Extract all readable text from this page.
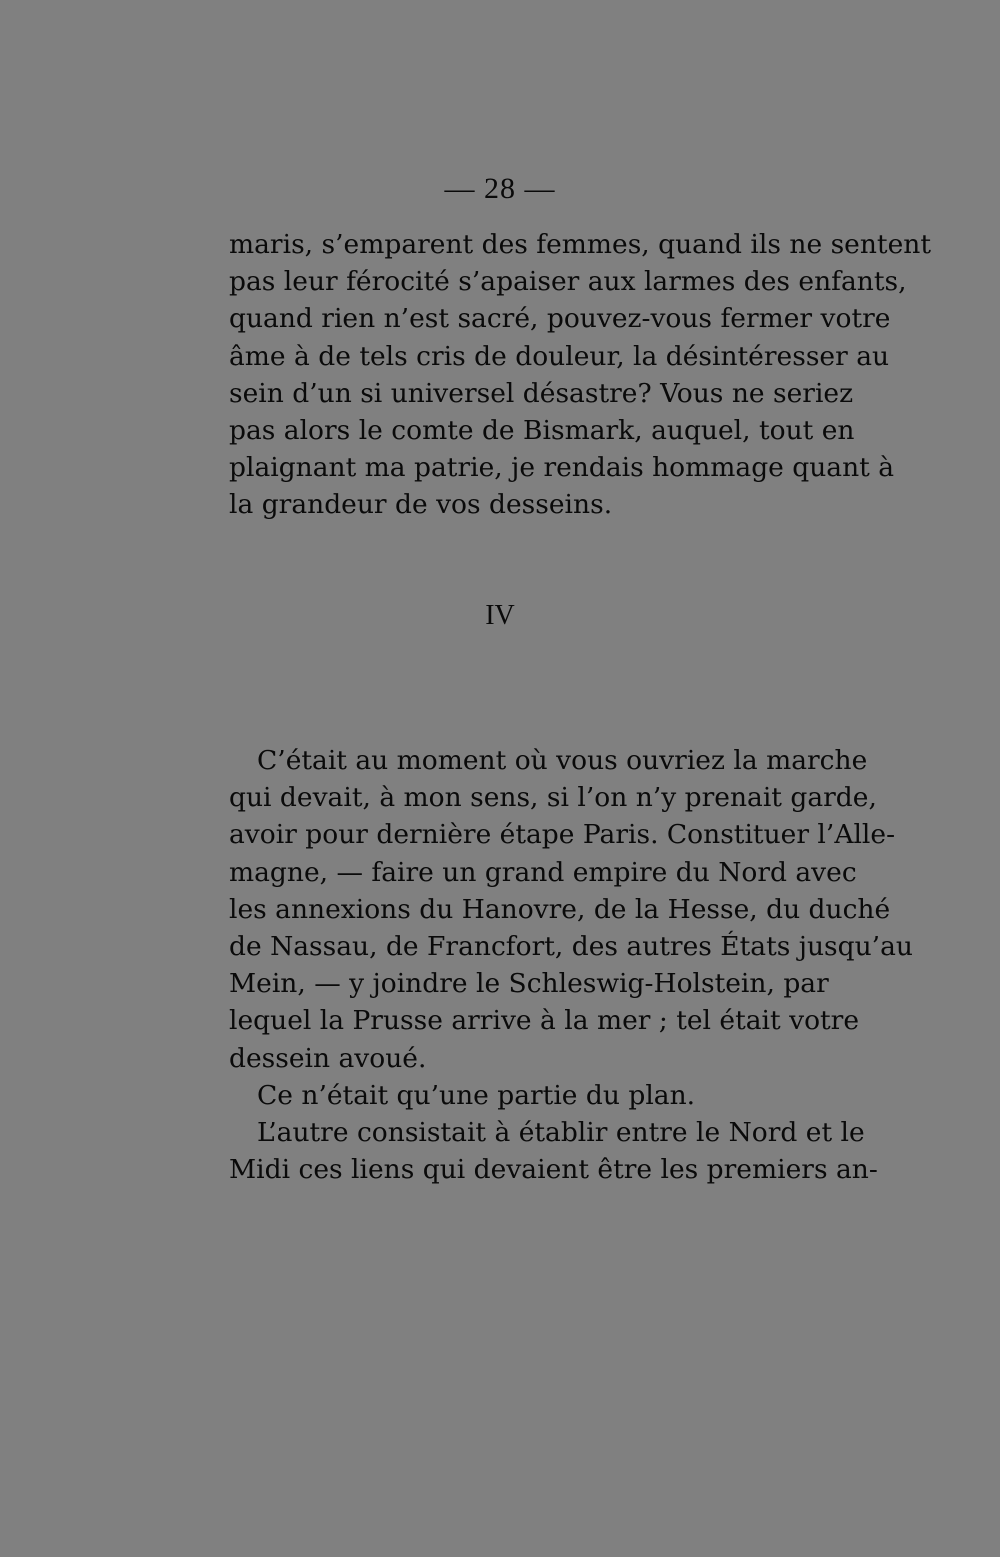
— 28 —
maris, s’emparent des femmes, quand ils ne sentent
pas leur férocité s’apaiser aux larmes des enfants,
quand rien n’est sacré, pouvez-vous fermer votre
âme à de tels cris de douleur, la désintéresser au
sein d’un si universel désastre? Vous ne seriez
pas alors le comte de Bismark, auquel, tout en
plaignant ma patrie, je rendais hommage quant à
la grandeur de vos desseins.
IV
C’était au moment où vous ouvriez la marche
qui devait, à mon sens, si l’on n’y prenait garde,
avoir pour dernière étape Paris. Constituer l’Alle-
magne, — faire un grand empire du Nord avec
les annexions du Hanovre, de la Hesse, du duché
de Nassau, de Francfort, des autres États jusqu’au
Mein, — y joindre le Schleswig-Holstein, par
lequel la Prusse arrive à la mer ; tel était votre
dessein avoué.
Ce n’était qu’une partie du plan.
L’autre consistait à établir entre le Nord et le
Midi ces liens qui devaient être les premiers an-
